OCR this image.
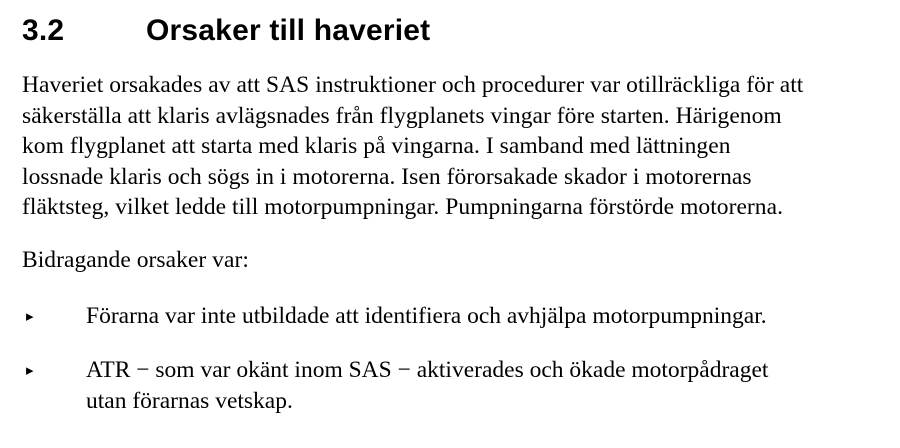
3.2	Orsaker till haveriet
Haveriet orsakades av att SAS instruktioner och procedurer var otillräckliga för att
säkerställa att klaris avlägsnades från flygplanets vingar före starten. Härigenom
kom flygplanet att starta med klaris på vingarna. I samband med lättningen
lossnade klaris och sögs in i motorerna. Isen förorsakade skador i motorernas
fläktsteg, vilket ledde till motorpumpningar. Pumpningarna förstörde motorerna.
Bidragande orsaker var:
▸	Förarna var inte utbildade att identifiera och avhjälpa motorpumpningar.
▸	ATR − som var okänt inom SAS − aktiverades och ökade motorpådraget
utan förarnas vetskap.
